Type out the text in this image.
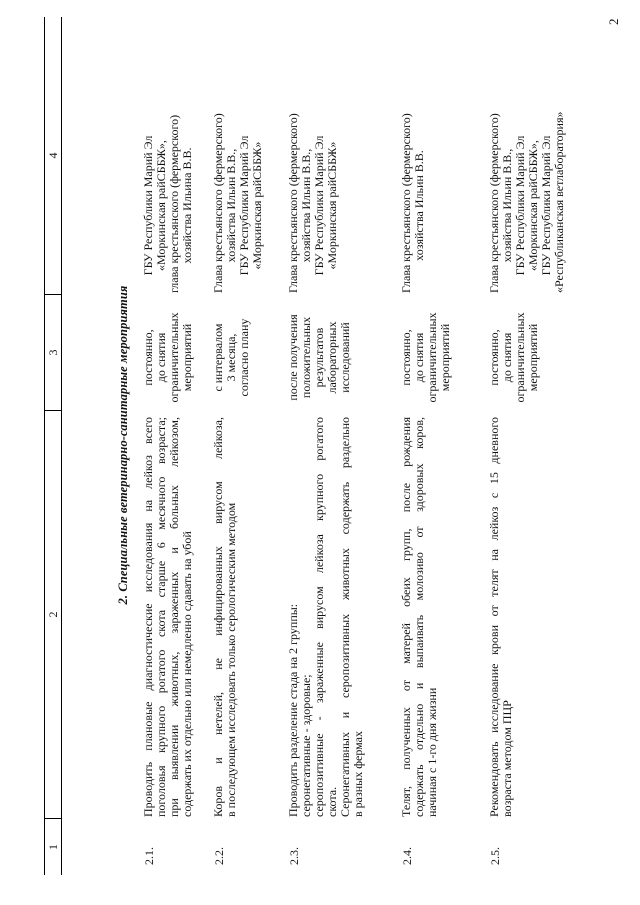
2
1
2
3
4
2. Специальные ветеринарно-санитарные мероприятия
2.1.
Проводить плановые диагностические исследования на лейкоз всего поголовья крупного рогатого скота старше 6 месячного возраста; при выявлении животных, зараженных и больных лейкозом, содержать их отдельно или немедленно сдавать на убой
постоянно, до снятия ограничительных мероприятий
ГБУ Республики Марий Эл «Моркинская райСББЖ», глава крестьянского (фермерского) хозяйства Ильина В.В.
2.2.
Коров и нетелей, не инфицированных вирусом лейкоза, в последующем исследовать только серологическим методом
с интервалом 3 месяца, согласно плану
Глава крестьянского (фермерского) хозяйства Ильин В.В., ГБУ Республики Марий Эл «Моркинская райСББЖ»
2.3.
Проводить разделение стада на 2 группы: серонегативные - здоровые; серопозитивные - зараженные вирусом лейкоза крупного рогатого скота. Серонегативных и серопозитивных животных содержать раздельно в разных фермах
после получения положительных результатов лабораторных исследований
Глава крестьянского (фермерского) хозяйства Ильин В.В., ГБУ Республики Марий Эл «Моркинская райСББЖ»
2.4.
Телят, полученных от матерей обеих групп, после рождения содержать отдельно и выпаивать молозиво от здоровых коров, начиная с 1-го дня жизни
постоянно, до снятия ограничительных мероприятий
Глава крестьянского (фермерского) хозяйства Ильин В.В.
2.5.
Рекомендовать исследование крови от телят на лейкоз с 15 дневного возраста методом ПЦР
постоянно, до снятия ограничительных мероприятий
Глава крестьянского (фермерского) хозяйства Ильин В.В., ГБУ Республики Марий Эл «Моркинская райСББЖ», ГБУ Республики Марий Эл «Республиканская ветлаборатория»
